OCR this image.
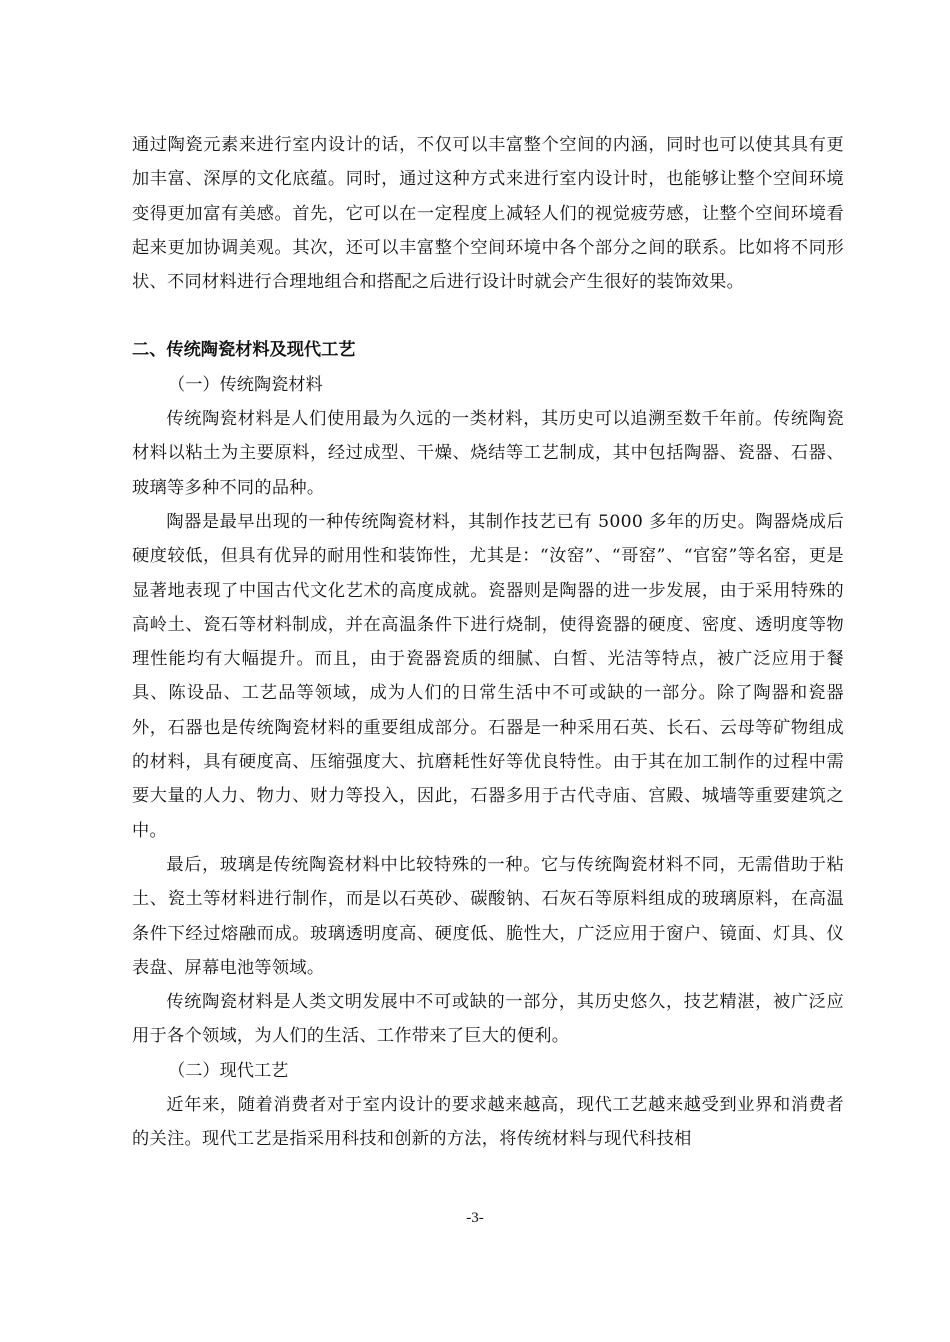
通过陶瓷元素来进行室内设计的话，不仅可以丰富整个空间的内涵，同时也可以使其具有更加丰富、深厚的文化底蕴。同时，通过这种方式来进行室内设计时，也能够让整个空间环境变得更加富有美感。首先，它可以在一定程度上减轻人们的视觉疲劳感，让整个空间环境看起来更加协调美观。其次，还可以丰富整个空间环境中各个部分之间的联系。比如将不同形状、不同材料进行合理地组合和搭配之后进行设计时就会产生很好的装饰效果。

二、传统陶瓷材料及现代工艺

（一）传统陶瓷材料

传统陶瓷材料是人们使用最为久远的一类材料，其历史可以追溯至数千年前。传统陶瓷材料以粘土为主要原料，经过成型、干燥、烧结等工艺制成，其中包括陶器、瓷器、石器、玻璃等多种不同的品种。

陶器是最早出现的一种传统陶瓷材料，其制作技艺已有 5000 多年的历史。陶器烧成后硬度较低，但具有优异的耐用性和装饰性，尤其是：“汝窑”、“哥窑”、“官窑”等名窑，更是显著地表现了中国古代文化艺术的高度成就。瓷器则是陶器的进一步发展，由于采用特殊的高岭土、瓷石等材料制成，并在高温条件下进行烧制，使得瓷器的硬度、密度、透明度等物理性能均有大幅提升。而且，由于瓷器瓷质的细腻、白皙、光洁等特点，被广泛应用于餐具、陈设品、工艺品等领域，成为人们的日常生活中不可或缺的一部分。除了陶器和瓷器外，石器也是传统陶瓷材料的重要组成部分。石器是一种采用石英、长石、云母等矿物组成的材料，具有硬度高、压缩强度大、抗磨耗性好等优良特性。由于其在加工制作的过程中需要大量的人力、物力、财力等投入，因此，石器多用于古代寺庙、宫殿、城墙等重要建筑之中。

最后，玻璃是传统陶瓷材料中比较特殊的一种。它与传统陶瓷材料不同，无需借助于粘土、瓷土等材料进行制作，而是以石英砂、碳酸钠、石灰石等原料组成的玻璃原料，在高温条件下经过熔融而成。玻璃透明度高、硬度低、脆性大，广泛应用于窗户、镜面、灯具、仪表盘、屏幕电池等领域。

传统陶瓷材料是人类文明发展中不可或缺的一部分，其历史悠久，技艺精湛，被广泛应用于各个领域，为人们的生活、工作带来了巨大的便利。

（二）现代工艺

近年来，随着消费者对于室内设计的要求越来越高，现代工艺越来越受到业界和消费者的关注。现代工艺是指采用科技和创新的方法，将传统材料与现代科技相

-3-
